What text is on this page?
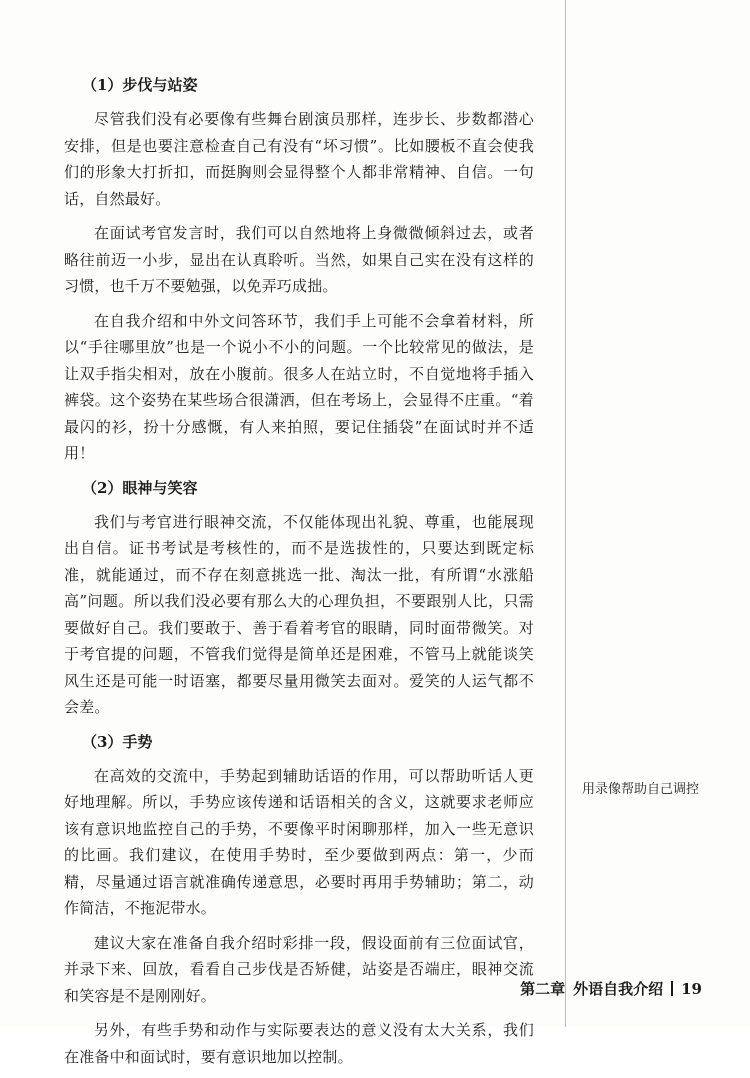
（1）步伐与站姿

尽管我们没有必要像有些舞台剧演员那样，连步长、步数都潜心安排，但是也要注意检查自己有没有“坏习惯”。比如腰板不直会使我们的形象大打折扣，而挺胸则会显得整个人都非常精神、自信。一句话，自然最好。

在面试考官发言时，我们可以自然地将上身微微倾斜过去，或者略往前迈一小步，显出在认真聆听。当然，如果自己实在没有这样的习惯，也千万不要勉强，以免弄巧成拙。

在自我介绍和中外文问答环节，我们手上可能不会拿着材料，所以“手往哪里放”也是一个说小不小的问题。一个比较常见的做法，是让双手指尖相对，放在小腹前。很多人在站立时，不自觉地将手插入裤袋。这个姿势在某些场合很潇洒，但在考场上，会显得不庄重。“着最闪的衫，扮十分感慨，有人来拍照，要记住插袋”在面试时并不适用！

（2）眼神与笑容

我们与考官进行眼神交流，不仅能体现出礼貌、尊重，也能展现出自信。证书考试是考核性的，而不是选拔性的，只要达到既定标准，就能通过，而不存在刻意挑选一批、淘汰一批，有所谓“水涨船高”问题。所以我们没必要有那么大的心理负担，不要跟别人比，只需要做好自己。我们要敢于、善于看着考官的眼睛，同时面带微笑。对于考官提的问题，不管我们觉得是简单还是困难，不管马上就能谈笑风生还是可能一时语塞，都要尽量用微笑去面对。爱笑的人运气都不会差。

（3）手势

在高效的交流中，手势起到辅助话语的作用，可以帮助听话人更好地理解。所以，手势应该传递和话语相关的含义，这就要求老师应该有意识地监控自己的手势，不要像平时闲聊那样，加入一些无意识的比画。我们建议，在使用手势时，至少要做到两点：第一，少而精，尽量通过语言就准确传递意思，必要时再用手势辅助；第二，动作简洁，不拖泥带水。

建议大家在准备自我介绍时彩排一段，假设面前有三位面试官，并录下来、回放，看看自己步伐是否矫健，站姿是否端庄，眼神交流和笑容是不是刚刚好。

另外，有些手势和动作与实际要表达的意义没有太大关系，我们在准备中和面试时，要有意识地加以控制。

用录像帮助自己调控
第二章 外语自我介绍 19
